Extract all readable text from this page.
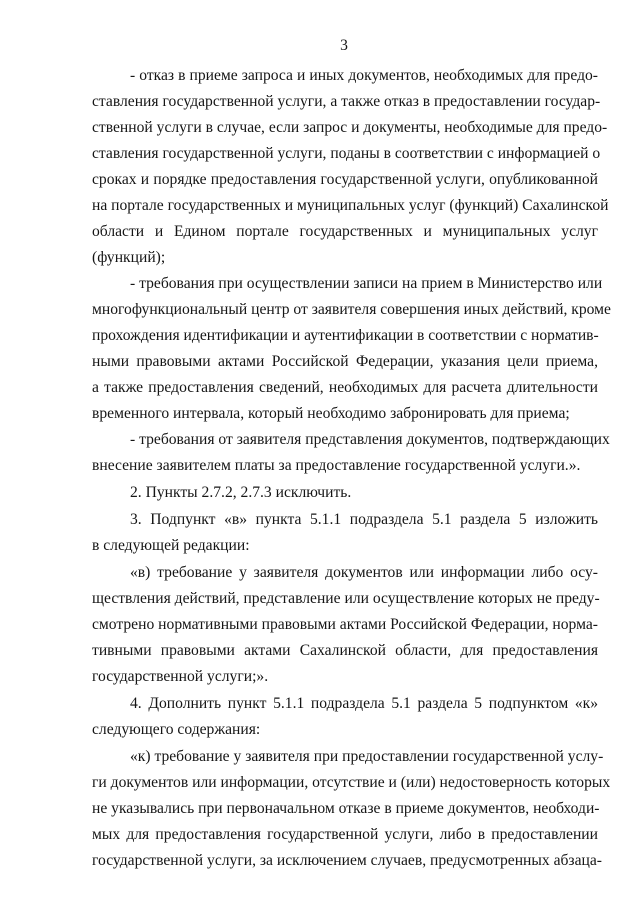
3
- отказ в приеме запроса и иных документов, необходимых для предо-
ставления государственной услуги, а также отказ в предоставлении государ-
ственной услуги в случае, если запрос и документы, необходимые для предо-
ставления государственной услуги, поданы в соответствии с информацией о
сроках и порядке предоставления государственной услуги, опубликованной
на портале государственных и муниципальных услуг (функций) Сахалинской
области и Едином портале государственных и муниципальных услуг
(функций);
- требования при осуществлении записи на прием в Министерство или
многофункциональный центр от заявителя совершения иных действий, кроме
прохождения идентификации и аутентификации в соответствии с норматив-
ными правовыми актами Российской Федерации, указания цели приема,
а также предоставления сведений, необходимых для расчета длительности
временного интервала, который необходимо забронировать для приема;
- требования от заявителя представления документов, подтверждающих
внесение заявителем платы за предоставление государственной услуги.».
2. Пункты 2.7.2, 2.7.3 исключить.
3. Подпункт «в» пункта 5.1.1 подраздела 5.1 раздела 5 изложить
в следующей редакции:
«в) требование у заявителя документов или информации либо осу-
ществления действий, представление или осуществление которых не преду-
смотрено нормативными правовыми актами Российской Федерации, норма-
тивными правовыми актами Сахалинской области, для предоставления
государственной услуги;».
4. Дополнить пункт 5.1.1 подраздела 5.1 раздела 5 подпунктом «к»
следующего содержания:
«к) требование у заявителя при предоставлении государственной услу-
ги документов или информации, отсутствие и (или) недостоверность которых
не указывались при первоначальном отказе в приеме документов, необходи-
мых для предоставления государственной услуги, либо в предоставлении
государственной услуги, за исключением случаев, предусмотренных абзаца-
